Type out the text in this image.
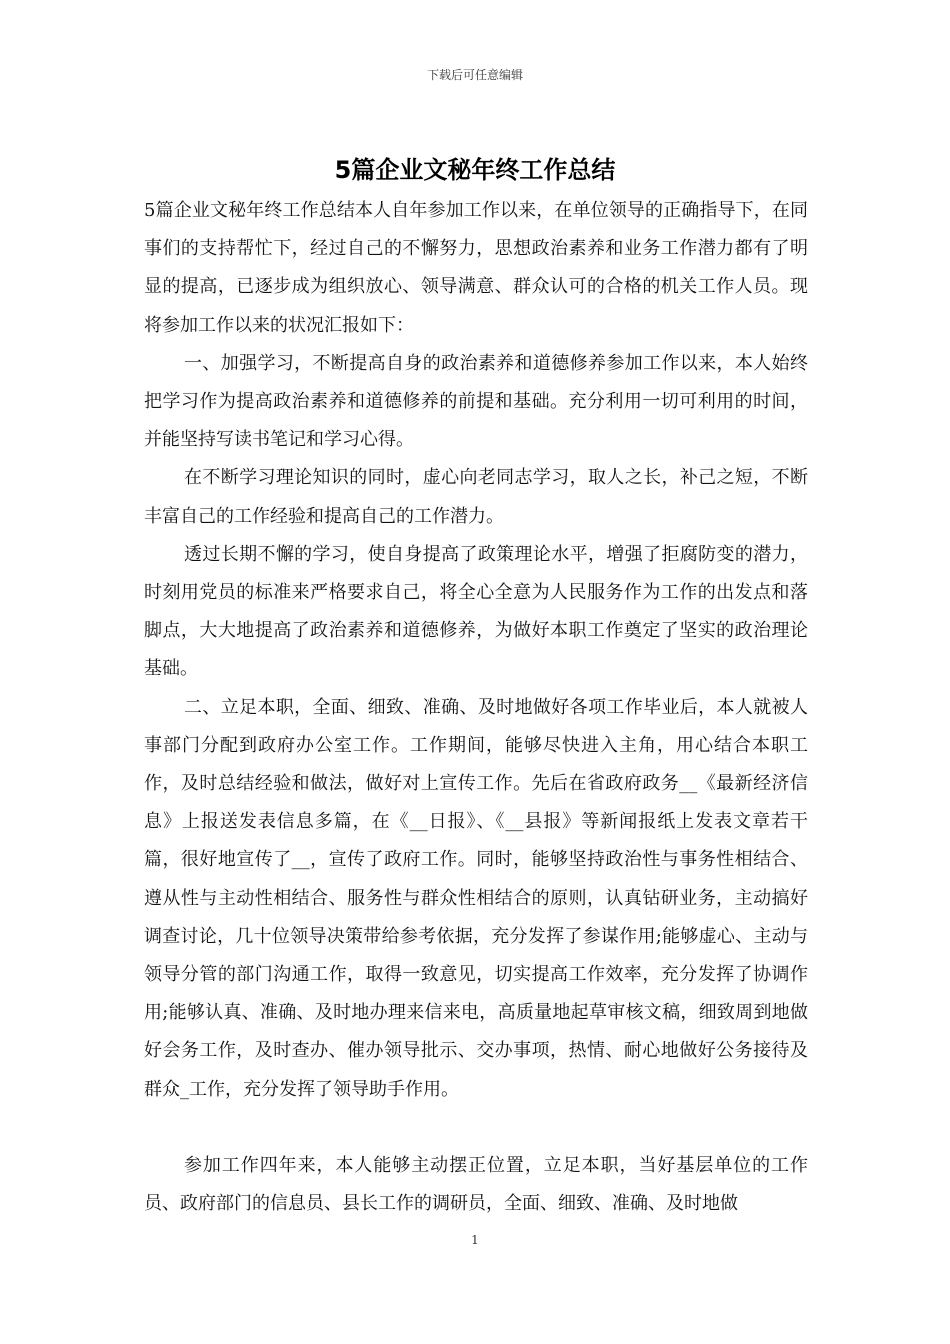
下载后可任意编辑
5篇企业文秘年终工作总结

5篇企业文秘年终工作总结本人自年参加工作以来，在单位领导的正确指导下，在同事们的支持帮忙下，经过自己的不懈努力，思想政治素养和业务工作潜力都有了明显的提高，已逐步成为组织放心、领导满意、群众认可的合格的机关工作人员。现将参加工作以来的状况汇报如下：

一、加强学习，不断提高自身的政治素养和道德修养参加工作以来，本人始终把学习作为提高政治素养和道德修养的前提和基础。充分利用一切可利用的时间，并能坚持写读书笔记和学习心得。

在不断学习理论知识的同时，虚心向老同志学习，取人之长，补己之短，不断丰富自己的工作经验和提高自己的工作潜力。

透过长期不懈的学习，使自身提高了政策理论水平，增强了拒腐防变的潜力，时刻用党员的标准来严格要求自己，将全心全意为人民服务作为工作的出发点和落脚点，大大地提高了政治素养和道德修养，为做好本职工作奠定了坚实的政治理论基础。

二、立足本职，全面、细致、准确、及时地做好各项工作毕业后，本人就被人事部门分配到政府办公室工作。工作期间，能够尽快进入主角，用心结合本职工作，及时总结经验和做法，做好对上宣传工作。先后在省政府政务__《最新经济信息》上报送发表信息多篇，在《__日报》、《__县报》等新闻报纸上发表文章若干篇，很好地宣传了__，宣传了政府工作。同时，能够坚持政治性与事务性相结合、遵从性与主动性相结合、服务性与群众性相结合的原则，认真钻研业务，主动搞好调查讨论，几十位领导决策带给参考依据，充分发挥了参谋作用;能够虚心、主动与领导分管的部门沟通工作，取得一致意见，切实提高工作效率，充分发挥了协调作用;能够认真、准确、及时地办理来信来电，高质量地起草审核文稿，细致周到地做好会务工作，及时查办、催办领导批示、交办事项，热情、耐心地做好公务接待及群众_工作，充分发挥了领导助手作用。

参加工作四年来，本人能够主动摆正位置，立足本职，当好基层单位的工作员、政府部门的信息员、县长工作的调研员，全面、细致、准确、及时地做

1
